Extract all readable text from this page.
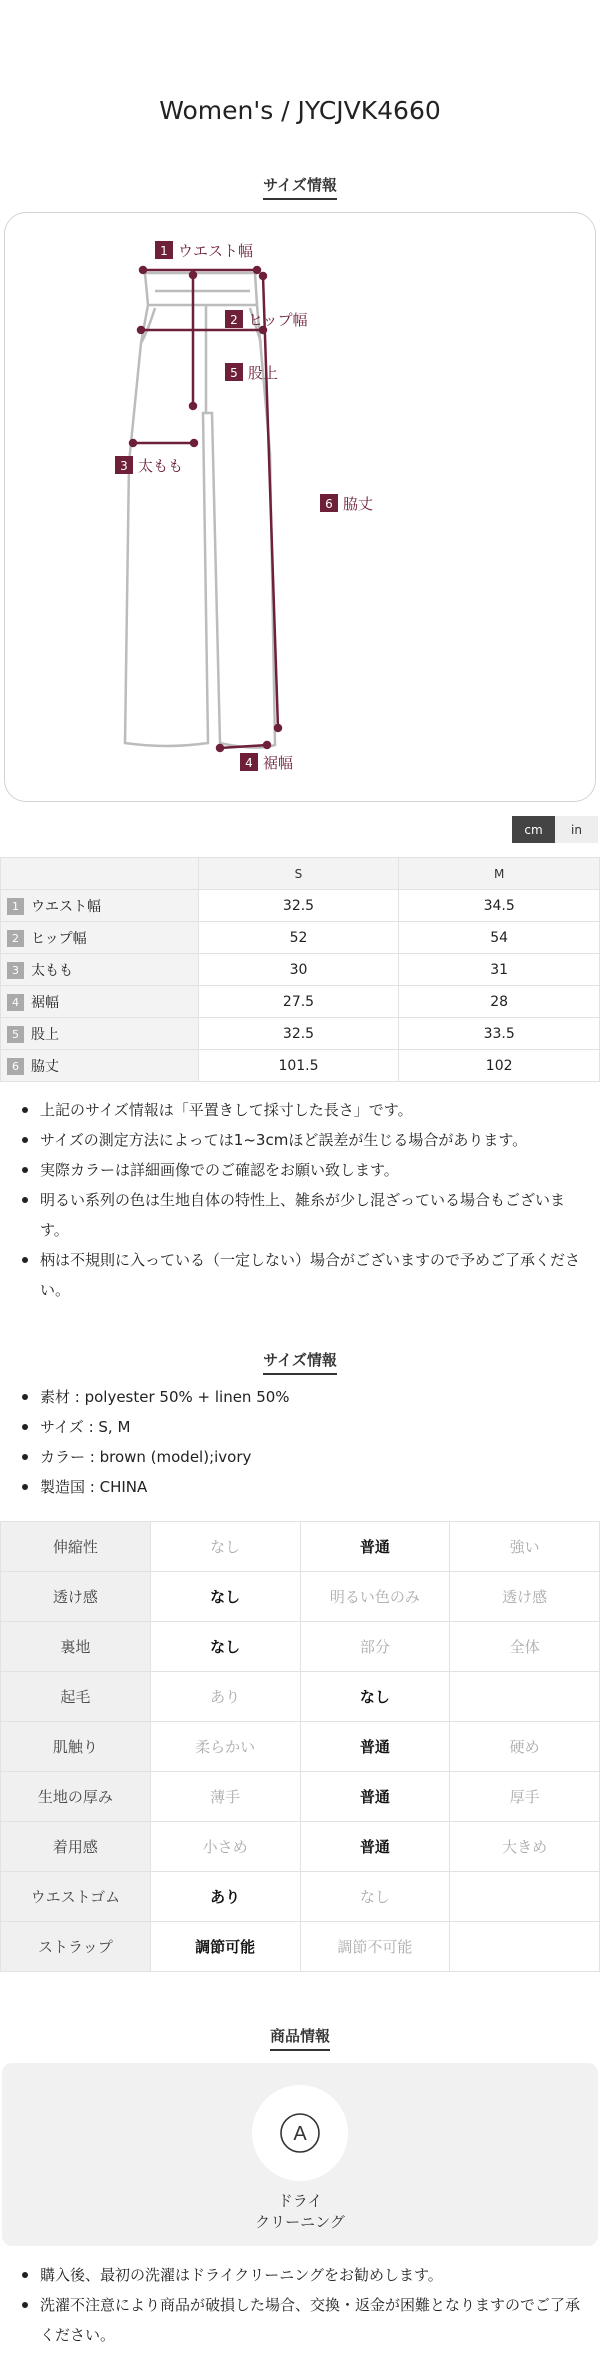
Women's / JYCJVK4660
サイズ情報
1 ウエスト幅
2 ヒップ幅
5 股上
3 太もも
6 脇丈
4 裾幅
cm	in
	S	M
1 ウエスト幅	32.5	34.5
2 ヒップ幅	52	54
3 太もも	30	31
4 裾幅	27.5	28
5 股上	32.5	33.5
6 脇丈	101.5	102
上記のサイズ情報は「平置きして採寸した長さ」です。
サイズの測定方法によっては1~3cmほど誤差が生じる場合があります。
実際カラーは詳細画像でのご確認をお願い致します。
明るい系列の色は生地自体の特性上、雑糸が少し混ざっている場合もございます。
柄は不規則に入っている（一定しない）場合がございますので予めご了承ください。
サイズ情報
素材 : polyester 50% + linen 50%
サイズ : S, M
カラー : brown (model);ivory
製造国 : CHINA
伸縮性	なし	普通	強い
透け感	なし	明るい色のみ	透け感
裏地	なし	部分	全体
起毛	あり	なし	
肌触り	柔らかい	普通	硬め
生地の厚み	薄手	普通	厚手
着用感	小さめ	普通	大きめ
ウエストゴム	あり	なし	
ストラップ	調節可能	調節不可能	
商品情報
A
ドライ
クリーニング
購入後、最初の洗濯はドライクリーニングをお勧めします。
洗濯不注意により商品が破損した場合、交換・返金が困難となりますのでご了承ください。
